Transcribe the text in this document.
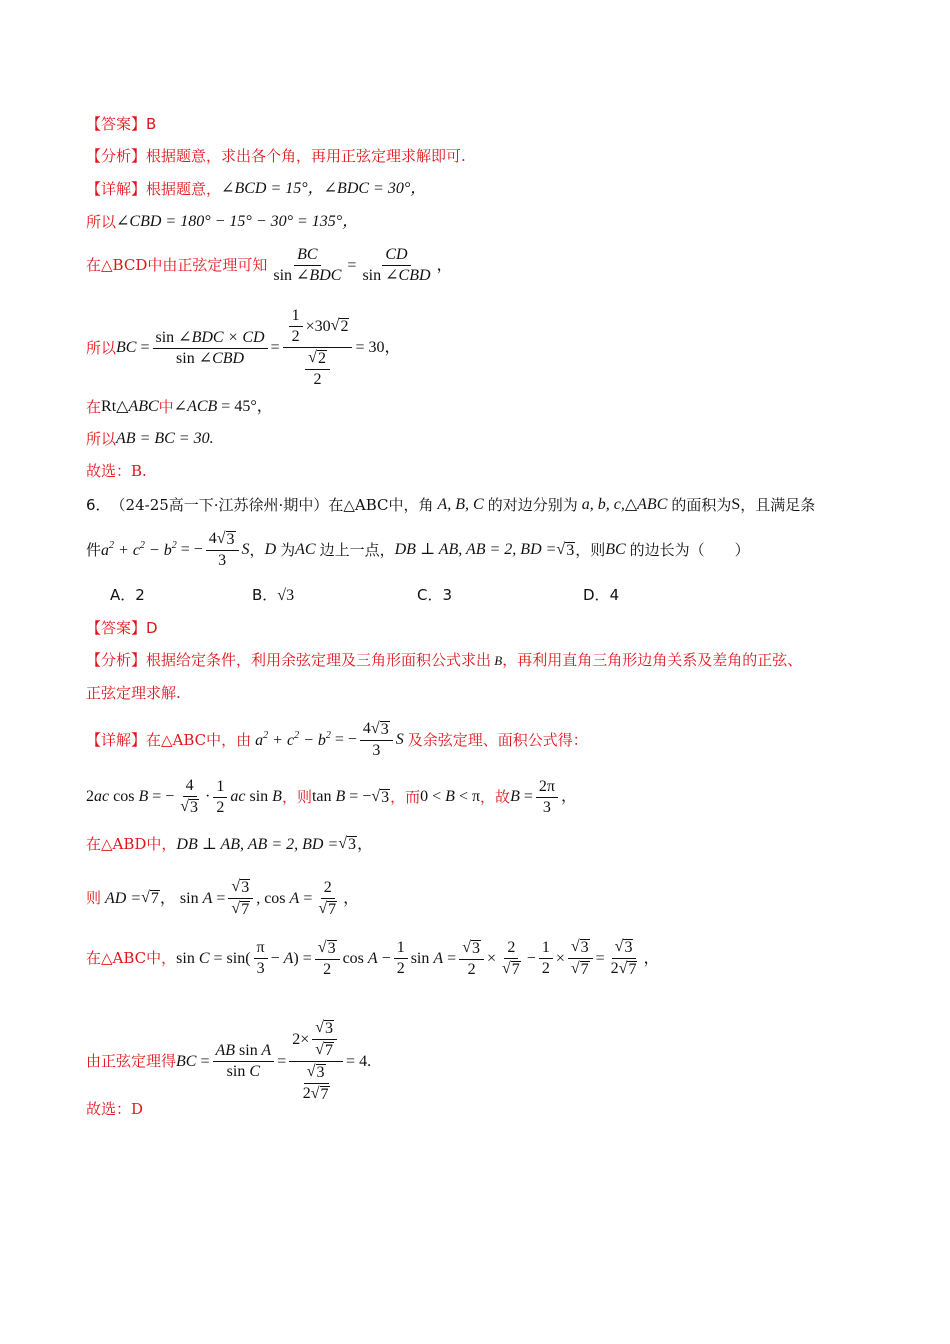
【答案】 B
【分析】 根据题意，求出各个角，再用正弦定理求解即可.
【详解】 根据题意， ∠BCD = 15°，∠BDC = 30°，
所以 ∠CBD = 180° − 15° − 30° = 135°，
在△BCD中由正弦定理可知 $\frac{BC}{\text{sin ∠BDC}} = \frac{CD}{\text{sin ∠CBD}}$ ，
所以 BC = $\frac{\text{sin ∠BDC × CD}}{\text{sin ∠CBD}} = \frac{\frac{1}{2} \times 30 √ 2}{\frac{√ 2}{2}} = 30$，
在 Rt△ ABC 中 ∠ACB = 45°，
所以 AB = BC = 30.
故选：B.
6． （24-25高一下·江苏徐州·期中） 在△ABC中，角 A, B, C 的对边分别为 a, b, c, △ ABC 的面积为 S ，且满足条
件 $a^2 + c^2 - b^2$ = − $\frac{4 √ 3}{3}$ S ， D 为 AC 边上一点， DB ⊥ AB, AB = 2, BD = √ 3 ，则 BC 的边长为（　　）
A．2	B．√3	C．3	D．4
【答案】 D
【分析】 根据给定条件，利用余弦定理及三角形面积公式求出 B ，再利用直角三角形边角关系及差角的正弦、
正弦定理求解.
【详解】 在△ABC中，由 $a^2 + c^2 - b^2$ = − $\frac{4 √ 3}{3}$ S 及余弦定理、面积公式得：
2 ac cos B = − $\frac{4}{√ 3} \cdot \frac{1}{2}$ ac sin B ，则 tan B = − √ 3 ，而 0 < B < π ，故 $B = \frac{2\pi}{3}$ ，
在△ABD中， DB ⊥ AB, AB = 2, BD = √ 3 ，
则 AD = √ 7 ， $\sin A = \frac{√ 3}{√ 7}$ , $\cos A = \frac{2}{√ 7}$ ，
在△ABC中， $\sin C = \sin( \frac{\pi}{3} - A$ ) = $\frac{√ 3}{2}$ $\cos A - \frac{1}{2}$ $\sin A = \frac{√ 3}{2} \times \frac{2}{√ 7} - \frac{1}{2} \times \frac{√ 3}{√ 7} = \frac{√ 3}{2 √ 7}$ ，
由正弦定理得 BC = $\frac{\text{AB sin A}}{\text{sin C}} = \frac{2\times \frac{√ 3}{√ 7}}{\frac{√ 3}{2 √ 7}} = 4$.
故选：D
